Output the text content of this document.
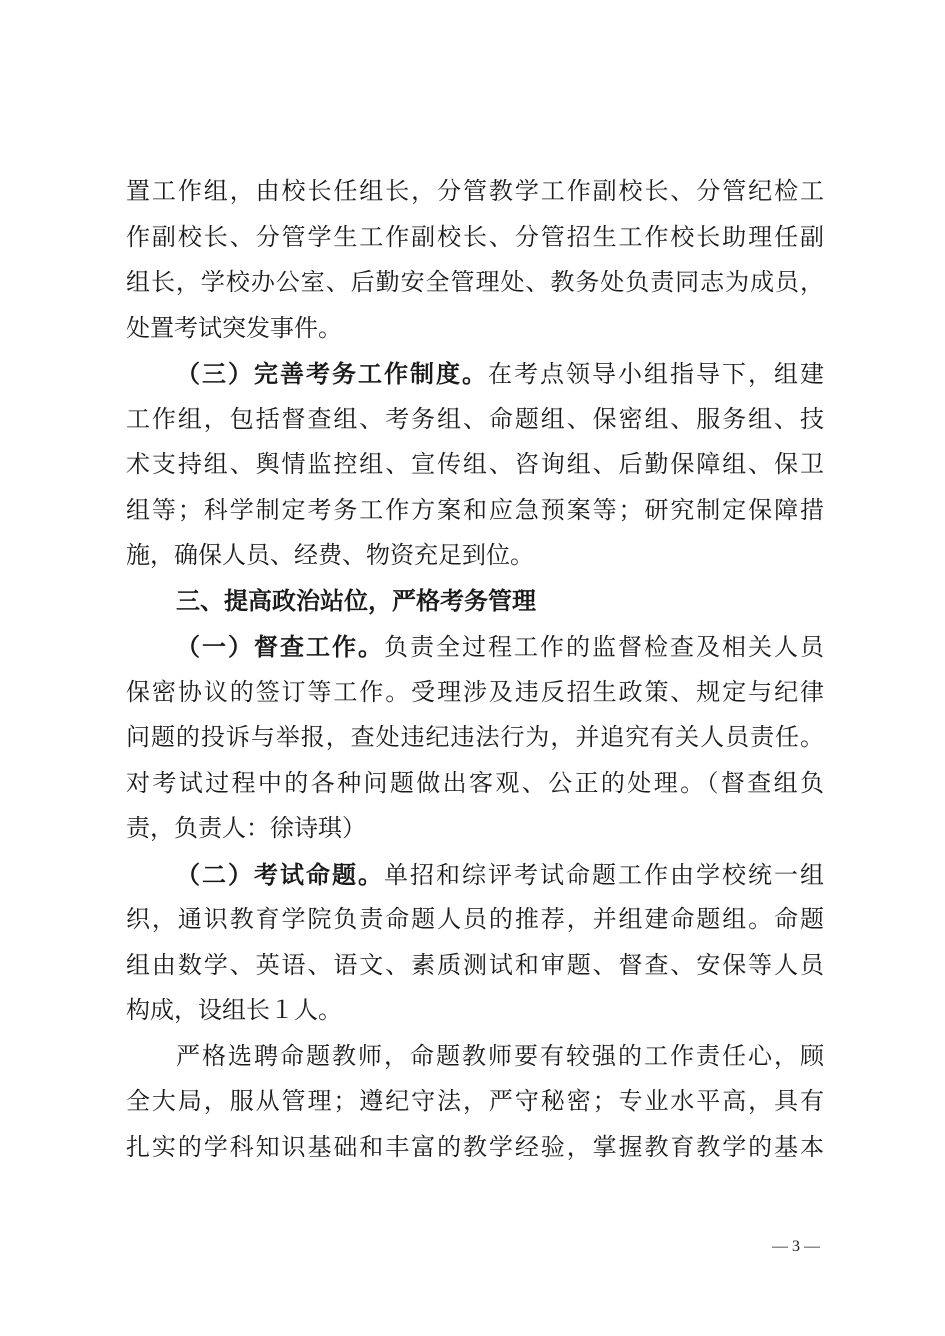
置工作组，由校长任组长，分管教学工作副校长、分管纪检工
作副校长、分管学生工作副校长、分管招生工作校长助理任副
组长，学校办公室、后勤安全管理处、教务处负责同志为成员，
处置考试突发事件。
（三）完善考务工作制度。在考点领导小组指导下，组建
工作组，包括督查组、考务组、命题组、保密组、服务组、技
术支持组、舆情监控组、宣传组、咨询组、后勤保障组、保卫
组等；科学制定考务工作方案和应急预案等；研究制定保障措
施，确保人员、经费、物资充足到位。
三、提高政治站位，严格考务管理
（一）督查工作。负责全过程工作的监督检查及相关人员
保密协议的签订等工作。受理涉及违反招生政策、规定与纪律
问题的投诉与举报，查处违纪违法行为，并追究有关人员责任。
对考试过程中的各种问题做出客观、公正的处理。（督查组负
责，负责人：徐诗琪）
（二）考试命题。单招和综评考试命题工作由学校统一组
织，通识教育学院负责命题人员的推荐，并组建命题组。命题
组由数学、英语、语文、素质测试和审题、督查、安保等人员
构成，设组长１人。
严格选聘命题教师，命题教师要有较强的工作责任心，顾
全大局，服从管理；遵纪守法，严守秘密；专业水平高，具有
扎实的学科知识基础和丰富的教学经验，掌握教育教学的基本
— 3 —
